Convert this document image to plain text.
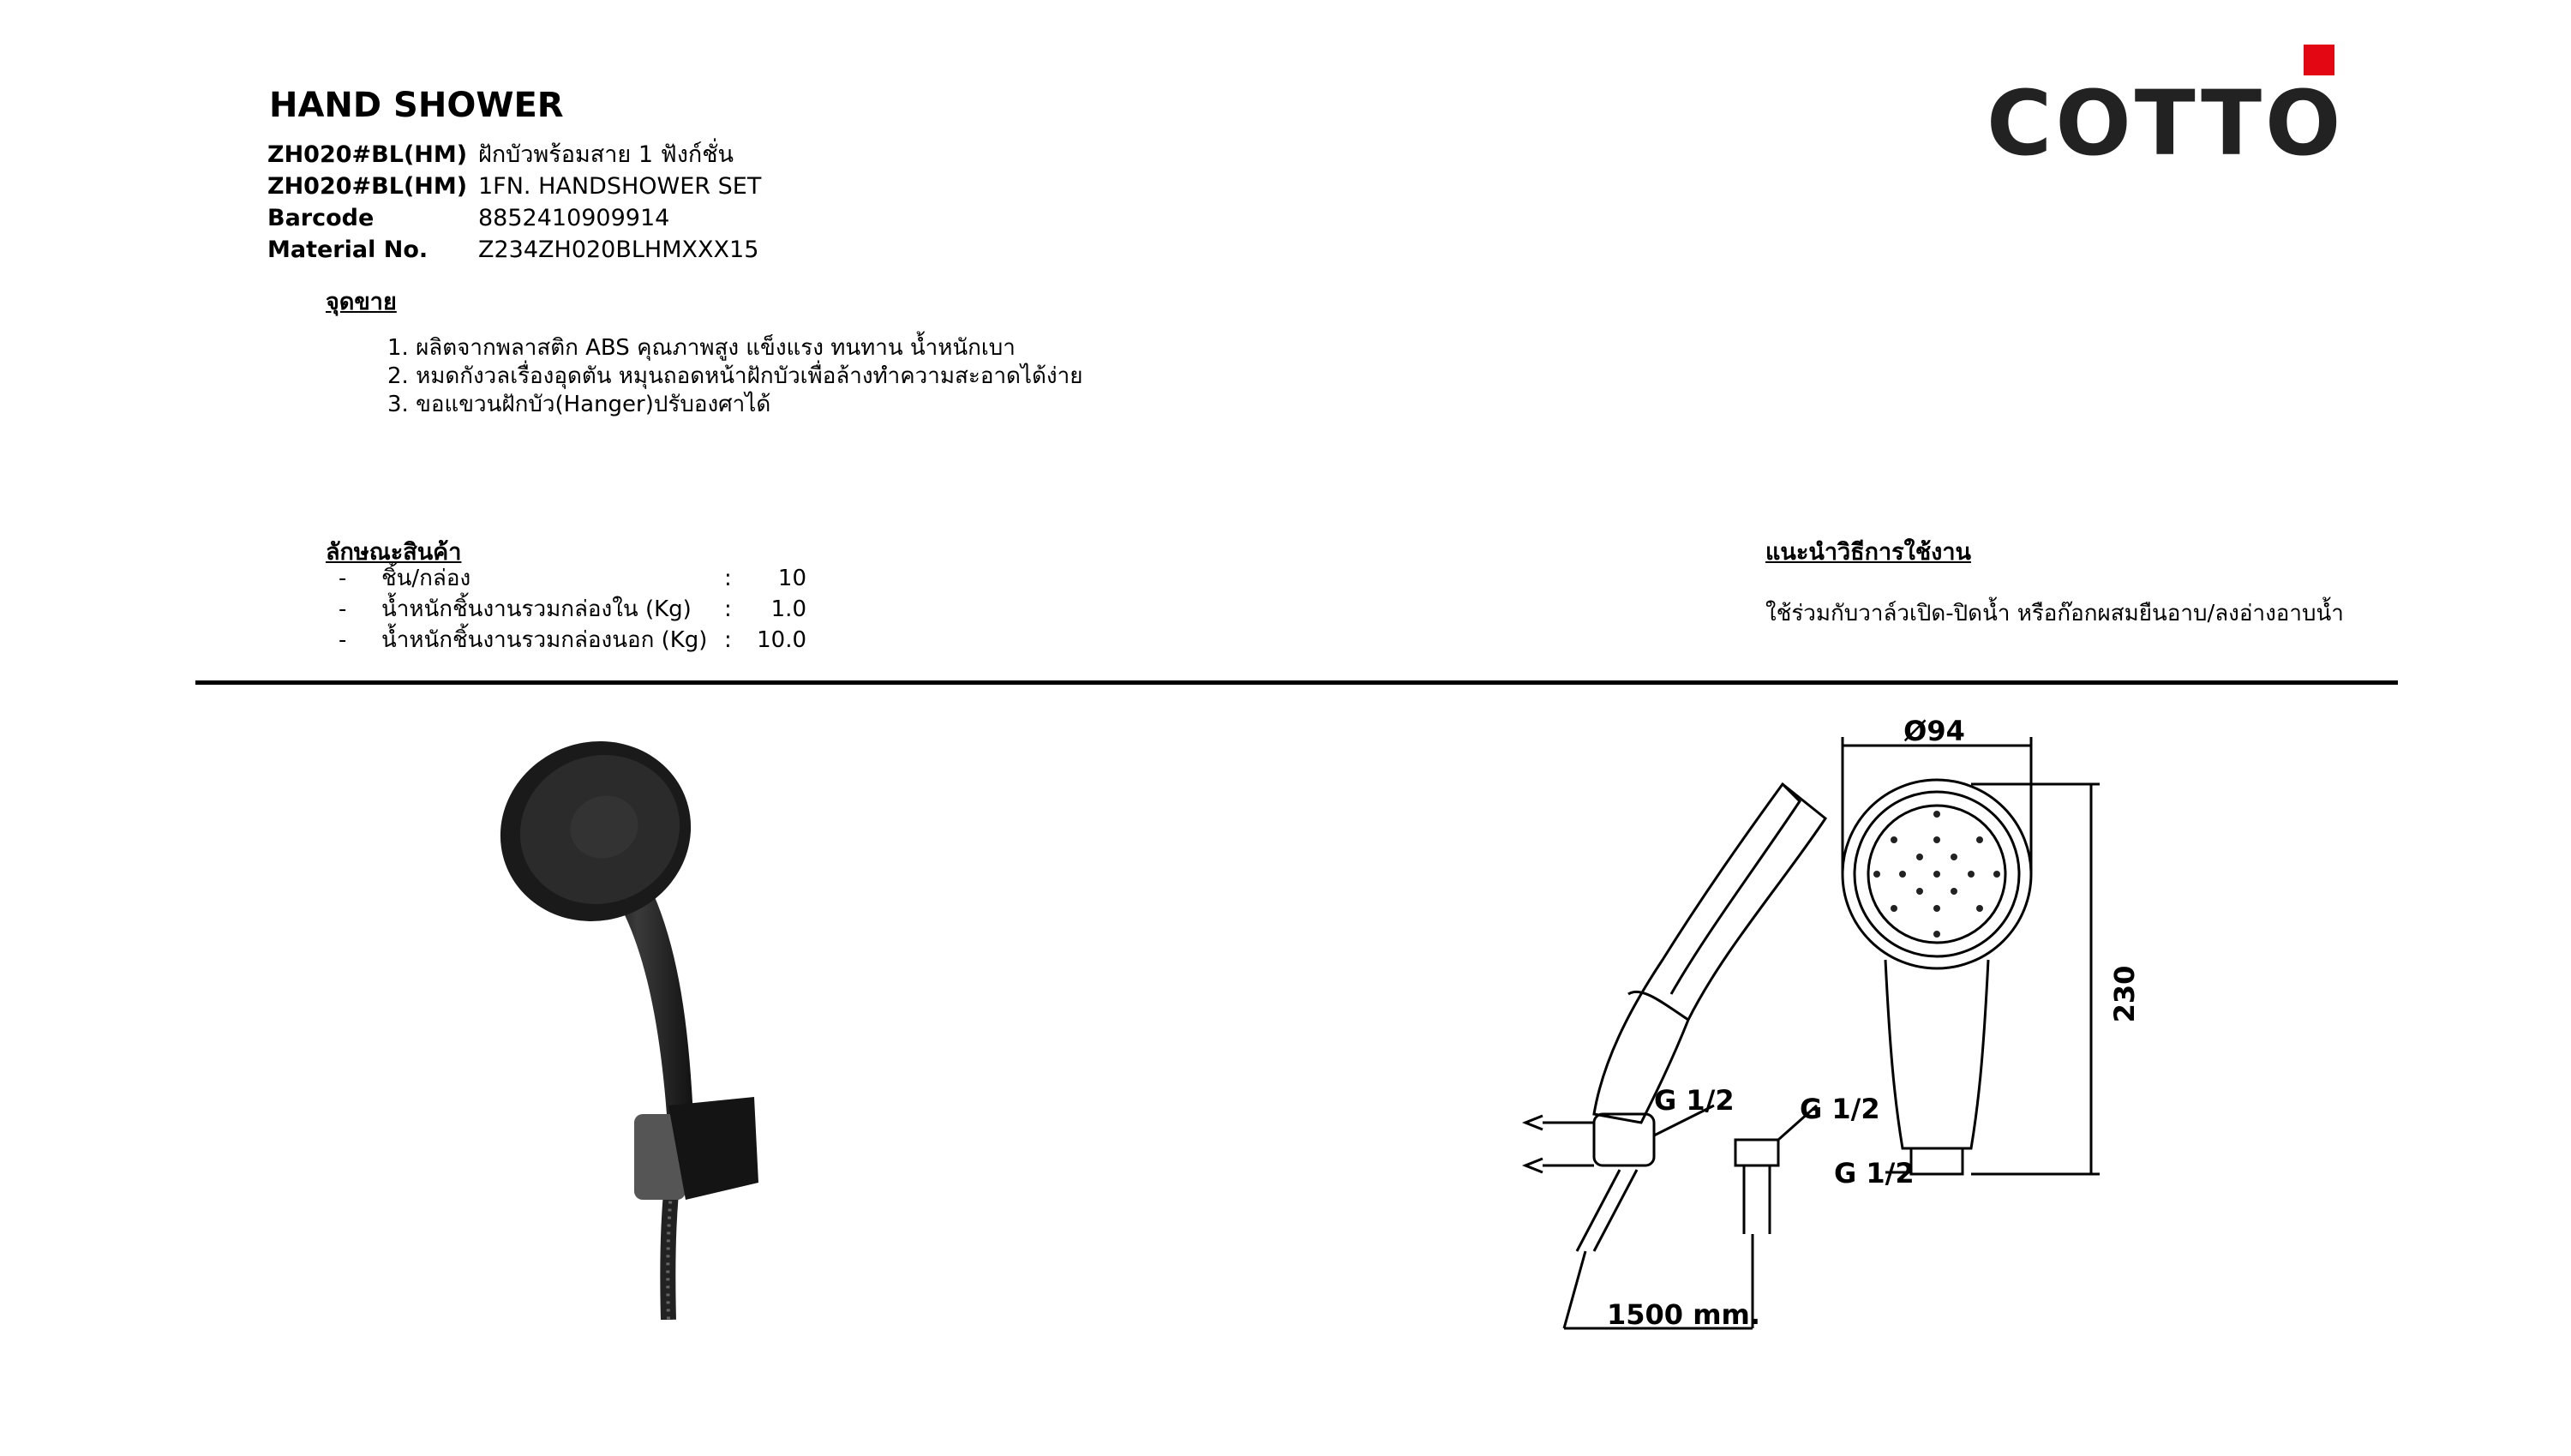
HAND SHOWER	COTTO
ZH020#BL(HM) ฝักบัวพร้อมสาย 1 ฟังก์ชั่น
ZH020#BL(HM) 1FN. HANDSHOWER SET
Barcode	8852410909914
Material No.	Z234ZH020BLHMXXX15
จุดขาย
1. ผลิตจากพลาสติก ABS คุณภาพสูง แข็งแรง ทนทาน น้ำหนักเบา
2. หมดกังวลเรื่องอุดตัน หมุนถอดหน้าฝักบัวเพื่อล้างทำความสะอาดได้ง่าย
3. ขอแขวนฝักบัว(Hanger)ปรับองศาได้
ลักษณะสินค้า
-	ชิ้น/กล่อง	:	10
-	น้ำหนักชิ้นงานรวมกล่องใน (Kg)	:	1.0
-	น้ำหนักชิ้นงานรวมกล่องนอก (Kg) :	10.0
แนะนำวิธีการใช้งาน
ใช้ร่วมกับวาล์วเปิด-ปิดน้ำ หรือก๊อกผสมยืนอาบ/ลงอ่างอาบน้ำ
Ø94
230
G 1/2 G 1/2
G 1/2
1500 mm.
